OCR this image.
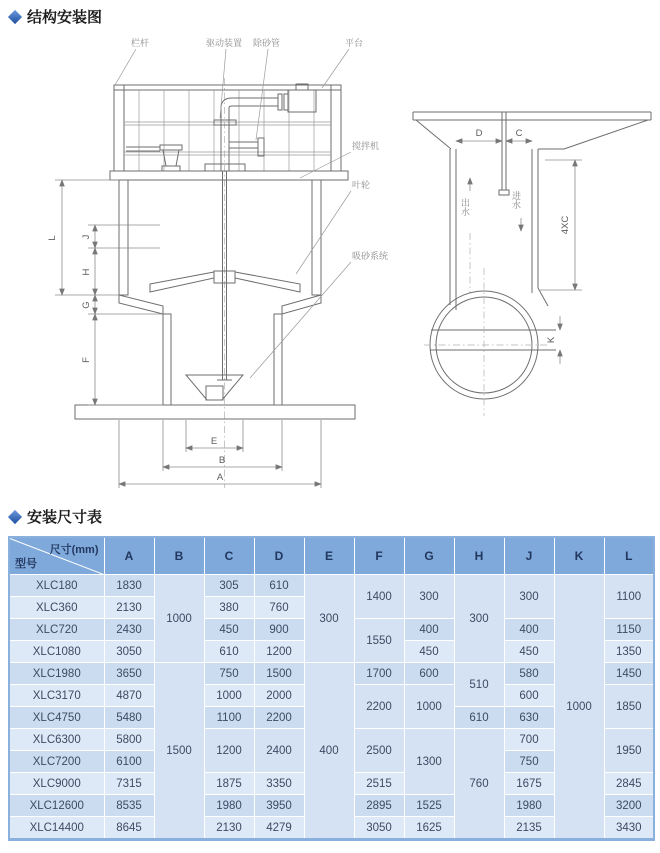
结构安装图
栏杆	驱动装置 除砂管	平台
搅拌机
叶轮
吸砂系统
L J
H
G
F
E
B
A
D	C
出水	进水
4XC
K
安装尺寸表
尺寸(mm)
型号	A	B	C	D	E	F	G	H	J	K	L
XLC180	1830	1000	305	610	300	1400	300	300	300	1000	1100
XLC360	2130		380	760							
XLC720	2430		450	900		1550	400		400		1150
XLC1080	3050		610	1200			450		450		1350
XLC1980	3650	1500	750	1500	400	1700	600	510	580		1450
XLC3170	4870		1000	2000		2200	1000		600		1850
XLC4750	5480		1100	2200				610	630		
XLC6300	5800		1200	2400		2500	1300	760	700		1950
XLC7200	6100								750		
XLC9000	7315		1875	3350		2515			1675		2845
XLC12600	8535		1980	3950		2895	1525		1980		3200
XLC14400	8645		2130	4279		3050	1625		2135		3430
